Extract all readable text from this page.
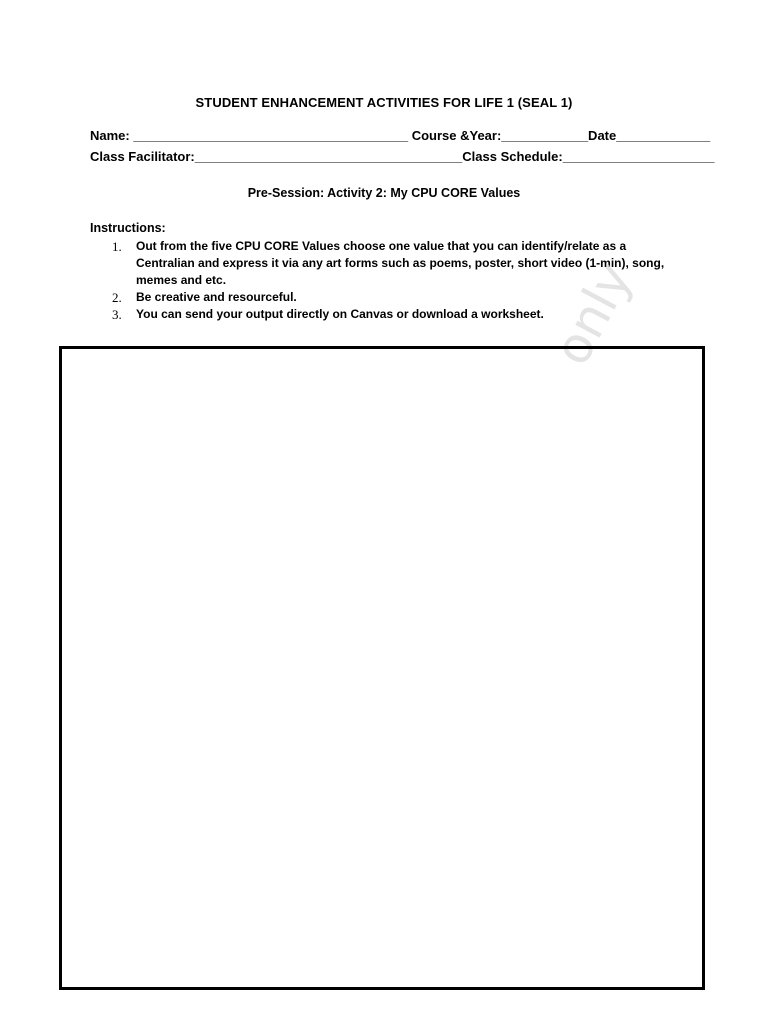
STUDENT ENHANCEMENT ACTIVITIES FOR LIFE 1 (SEAL 1)
Name: ______________________________________ Course &Year:____________Date_____________
Class Facilitator:_____________________________________Class Schedule:_____________________
Pre-Session: Activity 2: My CPU CORE Values
Instructions:
1. Out from the five CPU CORE Values choose one value that you can identify/relate as a Centralian and express it via any art forms such as poems, poster, short video (1-min), song, memes and etc.
2. Be creative and resourceful.
3. You can send your output directly on Canvas or download a worksheet.
only
